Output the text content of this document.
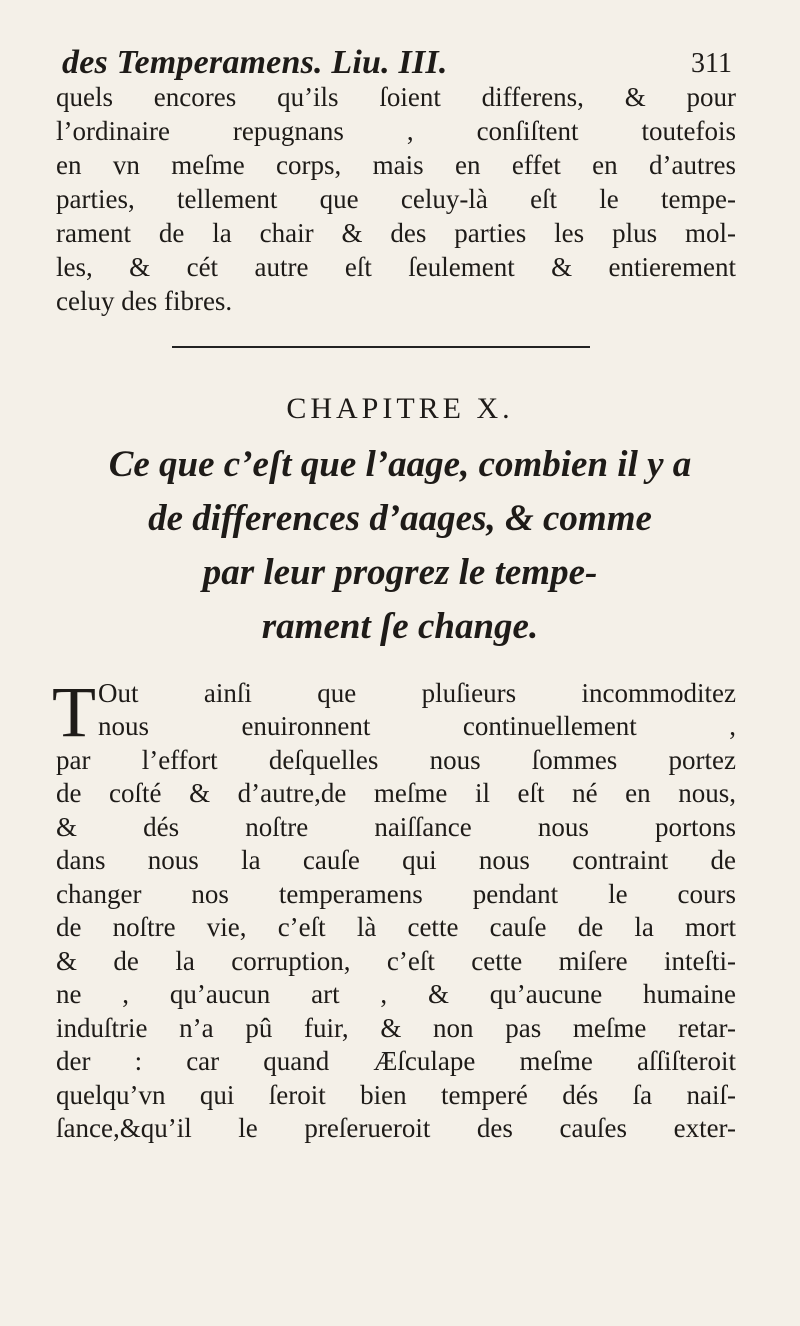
des Temperamens. Liu. III.	311
quels encores qu’ils ſoient differens, & pour
l’ordinaire repugnans , conſiſtent toutefois
en vn meſme corps, mais en effet en d’autres
parties, tellement que celuy-là eſt le tempe-
rament de la chair & des parties les plus mol-
les, & cét autre eſt ſeulement & entierement
celuy des fibres.
CHAPITRE X.
Ce que c’eſt que l’aage, combien il y a
de differences d’aages, & comme
par leur progrez le tempe-
rament ſe change.
T Out ainſi que pluſieurs incommoditez
nous enuironnent continuellement ,
par l’effort deſquelles nous ſommes portez
de coſté & d’autre,de meſme il eſt né en nous,
& dés noſtre naiſſance nous portons
dans nous la cauſe qui nous contraint de
changer nos temperamens pendant le cours
de noſtre vie, c’eſt là cette cauſe de la mort
& de la corruption, c’eſt cette miſere inteſti-
ne , qu’aucun art , & qu’aucune humaine
induſtrie n’a pû fuir, & non pas meſme retar-
der : car quand Æſculape meſme aſſiſteroit
quelqu’vn qui ſeroit bien temperé dés ſa naiſ-
ſance,&qu’il le preſerueroit des cauſes exter-
